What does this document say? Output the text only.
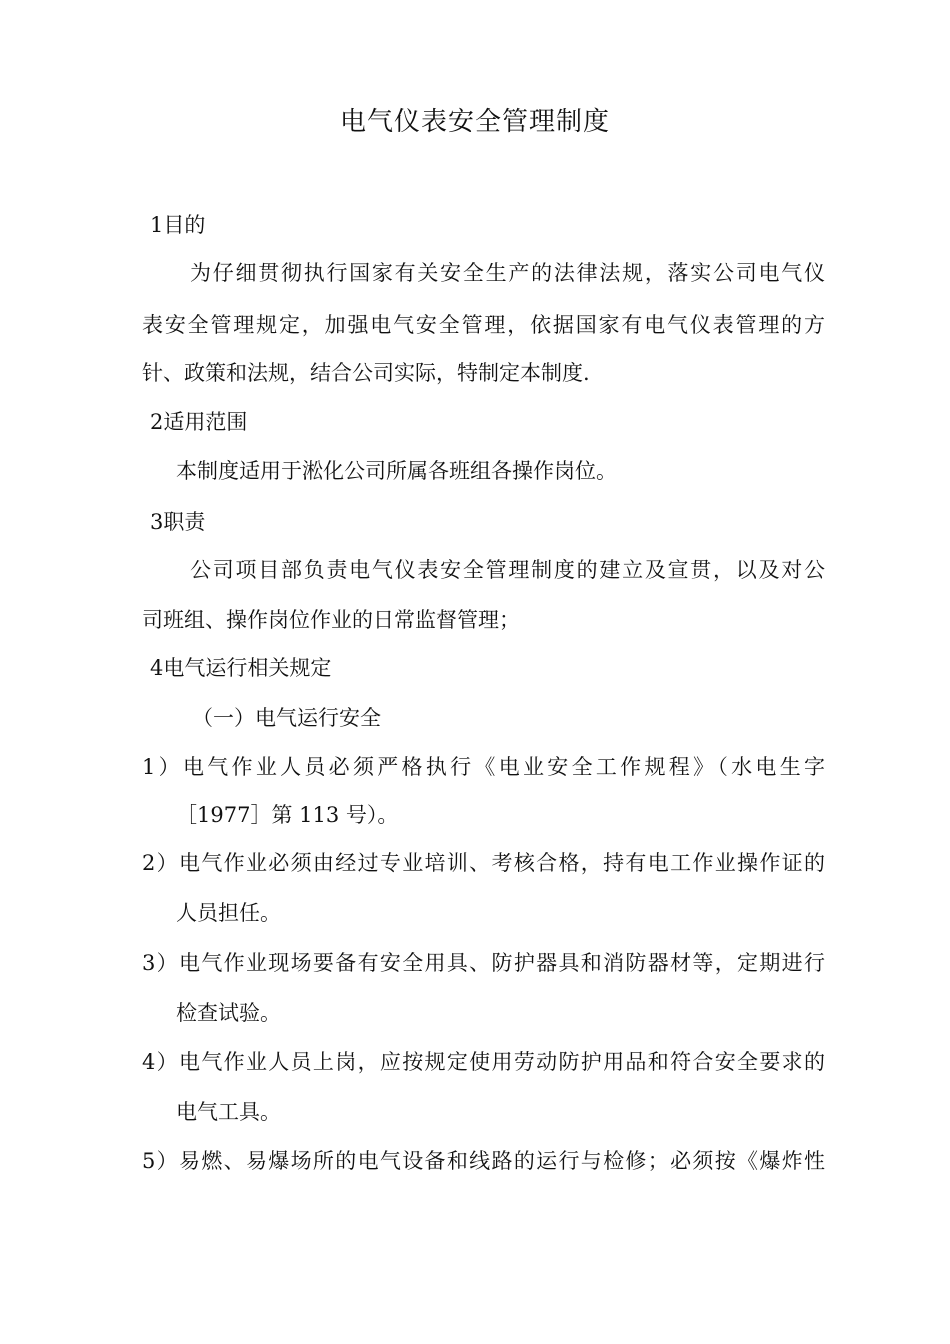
电气仪表安全管理制度
1目的
为仔细贯彻执行国家有关安全生产的法律法规，落实公司电气仪
表安全管理规定，加强电气安全管理，依据国家有电气仪表管理的方
针、政策和法规，结合公司实际，特制定本制度.
2适用范围
本制度适用于淞化公司所属各班组各操作岗位。
3职责
公司项目部负责电气仪表安全管理制度的建立及宣贯，以及对公
司班组、操作岗位作业的日常监督管理；
4电气运行相关规定
（一）电气运行安全
1）电气作业人员必须严格执行《电业安全工作规程》（水电生字
［1977］第 113 号）。
2）电气作业必须由经过专业培训、考核合格，持有电工作业操作证的
人员担任。
3）电气作业现场要备有安全用具、防护器具和消防器材等，定期进行
检查试验。
4）电气作业人员上岗，应按规定使用劳动防护用品和符合安全要求的
电气工具。
5）易燃、易爆场所的电气设备和线路的运行与检修；必须按《爆炸性
